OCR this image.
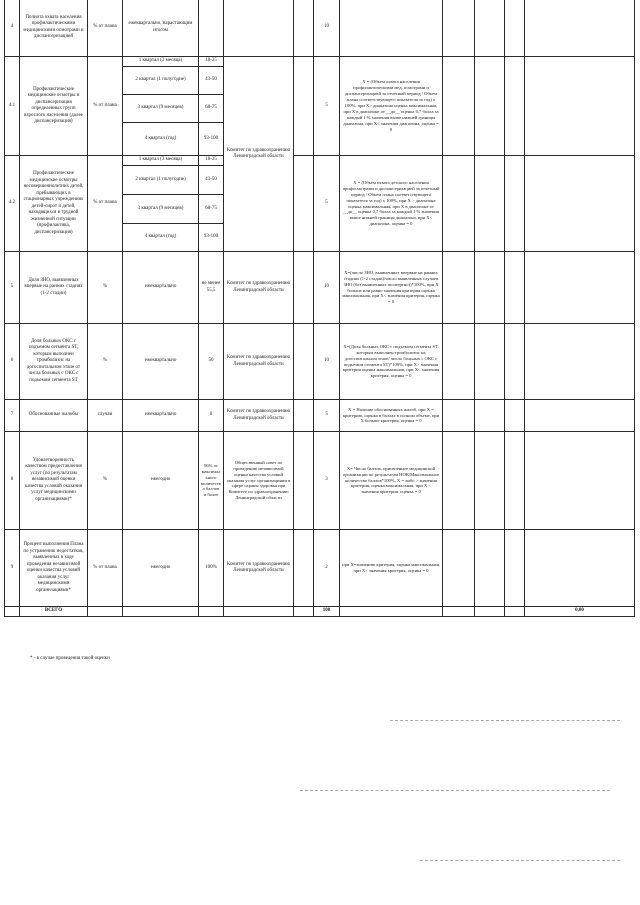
4	Полнота охвата населения профилактическими медицинскими осмотрами и диспансеризацией	% от плана	ежеквартально, нарастающим итогом				10					
4.1	Профилактические медицинские осмотры и диспансеризация определенных групп взрослого населения (далее диспансеризация)	% от плана	1 квартал (3 месяца)	18-25	Комитет по здравоохранению Ленинградской области		5	X = (Объем охвата населения профилактическими мед. осмотрами и диспансеризацией за отчетный период / Объем плана соответствующего показателя за год) x 100%, при X> диапазона оценка максимальная, при X в диапазоне от __до__ оценка 0,7 балла за каждый 1 % значения выше нижней границы диапазона, при X< значения диапазона, оценка = 0				
			2 квартал (1 полугодие)	43-50								
			3 квартал (9 месяцев)	68-75								
			4 квартал (год)	93-100								
4.2	Профилактические медицинские осмотры несовершеннолетних детей, пребывающих в стационарных учреждениях детей-сирот и детей, находящихся в трудной жизненной ситуации (профилактика, диспансеризация)	% от плана	1 квартал (3 месяца)	18-25			5	X = (Объем охвата детского населения профосмотрами и диспансеризацией за отчетный период / Объем плана соответствующего показателя за год) x 100%, при X > диапазона оценка максимальная, при X в диапазоне от __до__ оценка 0,7 балла за каждый 1 % значения выше нижней границы диапазона, при X< диапазона, оценка = 0				
			2 квартал (1 полугодие)	43-50								
			3 квартал (9 месяцев)	68-75								
			4 квартал (год)	93-100								
5	Доля ЗНО, выявленных впервые на ранних стадиях (1-2 стадии)	%	ежеквартально	не менее 55,5	Комитет по здравоохранению Ленинградской области		10	X=(число ЗНО, выявленных впервые на ранних стадиях (1-2 стадии)/число выявленных случаев ЗНО (без выявленных посмертно))*100%, при X больше или равно значения критерия оценка максимальная, при X< значения критерия, оценка = 0				
6	Доля больных ОКС с подъемом сегмента ST, которым выполнен тромболизис на догоспитальном этапе от числа больных с ОКС с подъемом сегмента ST	%	ежеквартально	50	Комитет по здравоохранению Ленинградской области		10	X=(Доля больных ОКС с подъемом сегмента ST, которым выполнен тромболизис на догоспитальном этапе/ число больных с ОКС с подъемом сегмента ST)*100%, при X> значения критерия оценка максимальная, при X< значения критерия, оценка = 0				
7	Обоснованные жалобы	случаи	ежеквартально	0	Комитет по здравоохранению Ленинградской области		5	X = Наличие обоснованных жалоб, при X = критерию, оценка в баллах в полном объеме, при X больше критерия, оценка = 0				
8	Удовлетворенность качеством предоставления услуг (по результатам независимой оценки качества условий оказания услуг медицинскими организациями)*	%	ежегодно	96% от максимального количества баллов и более	Общественный совет по проведению независимой оценки качества условий оказания услуг организациями в сфере охраны здоровья при Комитете по здравоохранению Ленинградской области		3	X= Число баллов, присвоенное медицинской организации по результатам НОК/Максимальное количество баллов*100%, X = либо > значения критерия, оценка максимальная, при X < значения критерия, оценка = 0				
9	Процент выполнения Плана по устранению недостатков, выявленных в ходе проведения независимой оценки качества условий оказания услуг медицинскими организациями*	% от плана	ежегодно	100%	Комитет по здравоохранению Ленинградской области		2	при X=значению критерия, оценка максимальная, при X< значения критерия, оценка = 0				
	ВСЕГО						100					0,00
* - в случае проведения такой оценки
